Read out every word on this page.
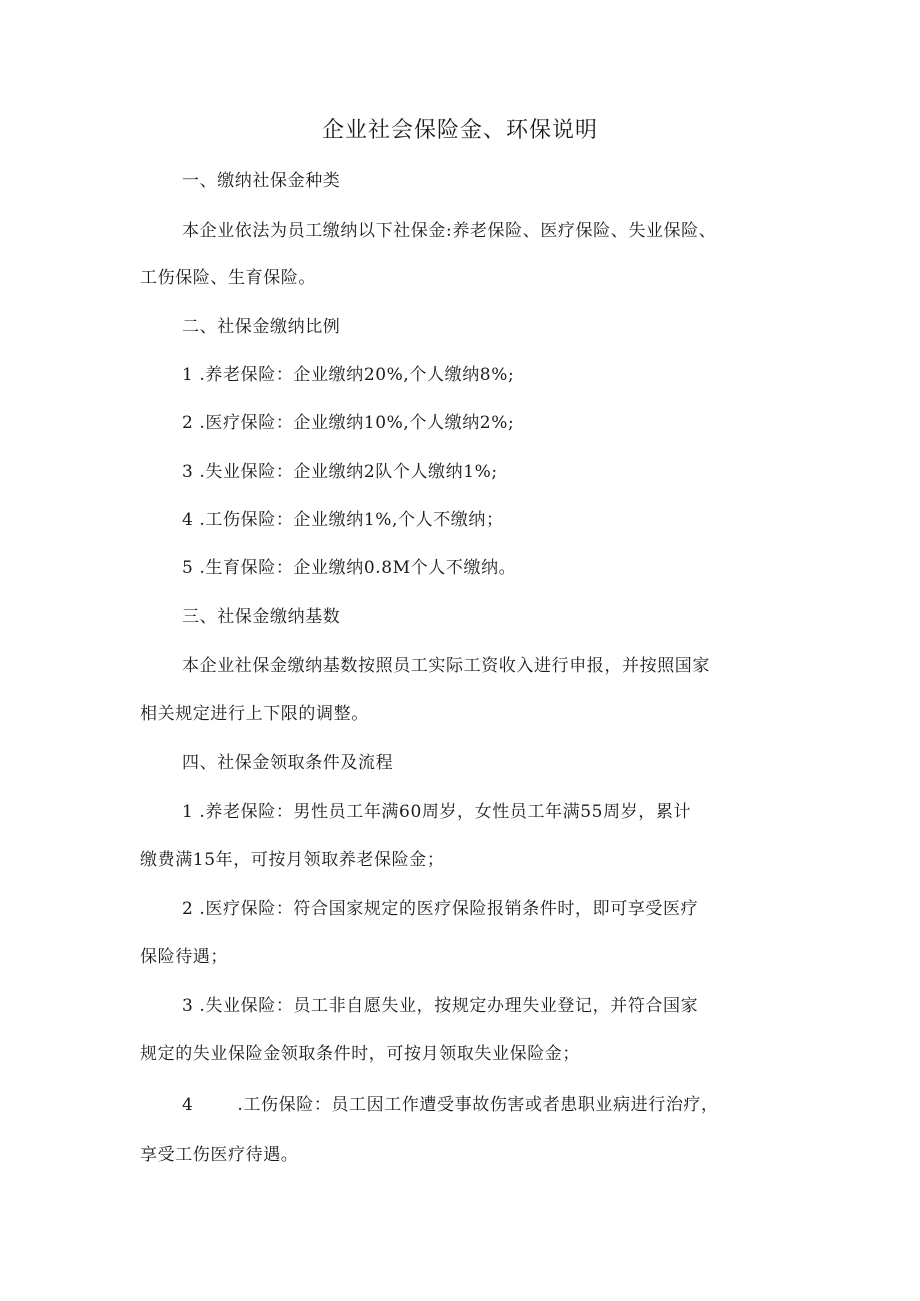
企业社会保险金、环保说明
一、缴纳社保金种类
本企业依法为员工缴纳以下社保金:养老保险、医疗保险、失业保险、
工伤保险、生育保险。
二、社保金缴纳比例
1 .养老保险：企业缴纳20%,个人缴纳8%;
2 .医疗保险：企业缴纳10%,个人缴纳2%;
3 .失业保险：企业缴纳2队个人缴纳1%;
4 .工伤保险：企业缴纳1%,个人不缴纳；
5 .生育保险：企业缴纳0.8M个人不缴纳。
三、社保金缴纳基数
本企业社保金缴纳基数按照员工实际工资收入进行申报，并按照国家
相关规定进行上下限的调整。
四、社保金领取条件及流程
1 .养老保险：男性员工年满60周岁，女性员工年满55周岁，累计
缴费满15年，可按月领取养老保险金；
2 .医疗保险：符合国家规定的医疗保险报销条件时，即可享受医疗
保险待遇；
3 .失业保险：员工非自愿失业，按规定办理失业登记，并符合国家
规定的失业保险金领取条件时，可按月领取失业保险金；
4	.工伤保险：员工因工作遭受事故伤害或者患职业病进行治疗，
享受工伤医疗待遇。
